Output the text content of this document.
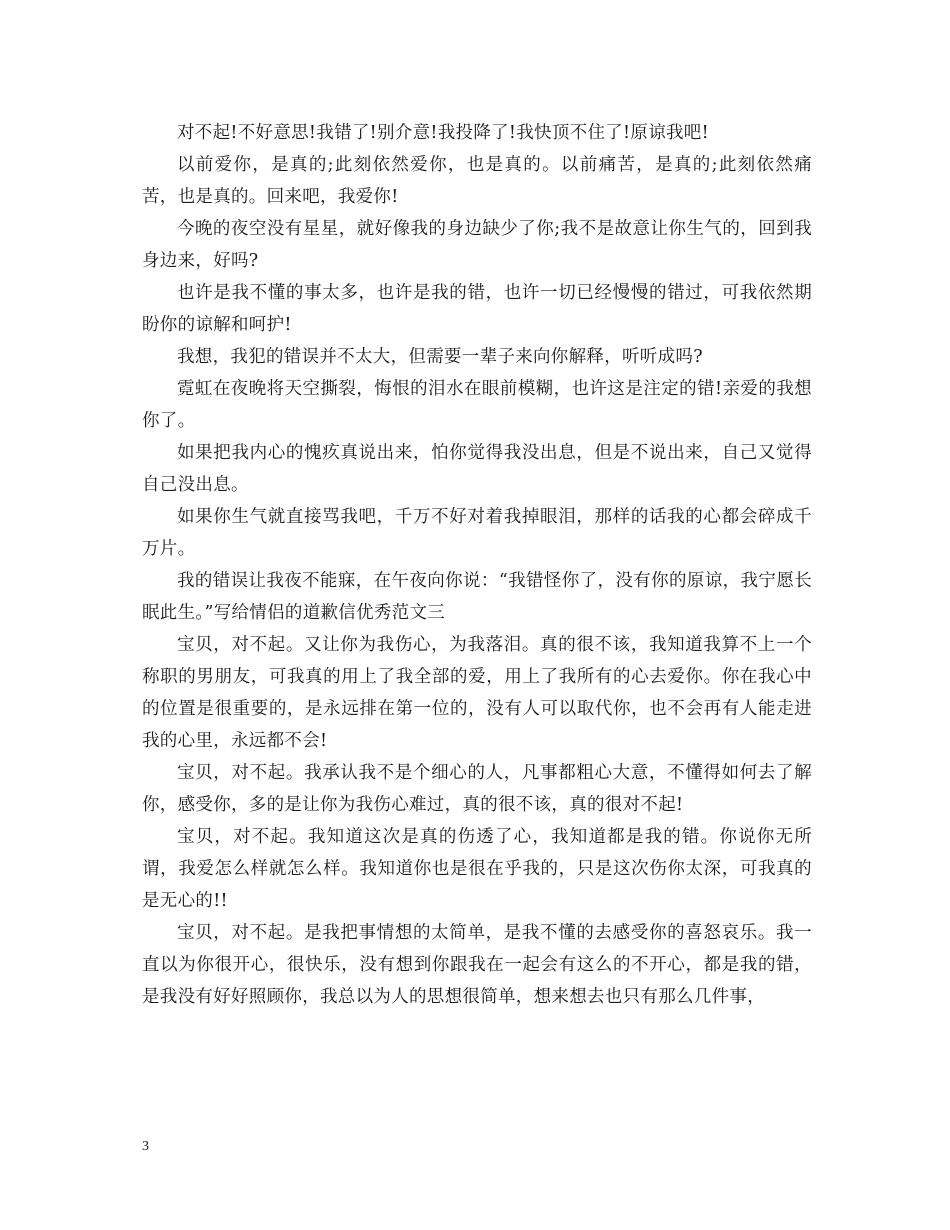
对不起!不好意思!我错了!别介意!我投降了!我快顶不住了!原谅我吧!

以前爱你，是真的;此刻依然爱你，也是真的。以前痛苦，是真的;此刻依然痛苦，也是真的。回来吧，我爱你!

今晚的夜空没有星星，就好像我的身边缺少了你;我不是故意让你生气的，回到我身边来，好吗?

也许是我不懂的事太多，也许是我的错，也许一切已经慢慢的错过，可我依然期盼你的谅解和呵护!

我想，我犯的错误并不太大，但需要一辈子来向你解释，听听成吗?

霓虹在夜晚将天空撕裂，悔恨的泪水在眼前模糊，也许这是注定的错!亲爱的我想你了。

如果把我内心的愧疚真说出来，怕你觉得我没出息，但是不说出来，自己又觉得自己没出息。

如果你生气就直接骂我吧，千万不好对着我掉眼泪，那样的话我的心都会碎成千万片。

我的错误让我夜不能寐，在午夜向你说：“我错怪你了，没有你的原谅，我宁愿长眠此生。”写给情侣的道歉信优秀范文三

宝贝，对不起。又让你为我伤心，为我落泪。真的很不该，我知道我算不上一个称职的男朋友，可我真的用上了我全部的爱，用上了我所有的心去爱你。你在我心中的位置是很重要的，是永远排在第一位的，没有人可以取代你，也不会再有人能走进我的心里，永远都不会!

宝贝，对不起。我承认我不是个细心的人，凡事都粗心大意，不懂得如何去了解你，感受你，多的是让你为我伤心难过，真的很不该，真的很对不起!

宝贝，对不起。我知道这次是真的伤透了心，我知道都是我的错。你说你无所谓，我爱怎么样就怎么样。我知道你也是很在乎我的，只是这次伤你太深，可我真的是无心的!!

宝贝，对不起。是我把事情想的太简单，是我不懂的去感受你的喜怒哀乐。我一直以为你很开心，很快乐，没有想到你跟我在一起会有这么的不开心，都是我的错，是我没有好好照顾你，我总以为人的思想很简单，想来想去也只有那么几件事，

3
